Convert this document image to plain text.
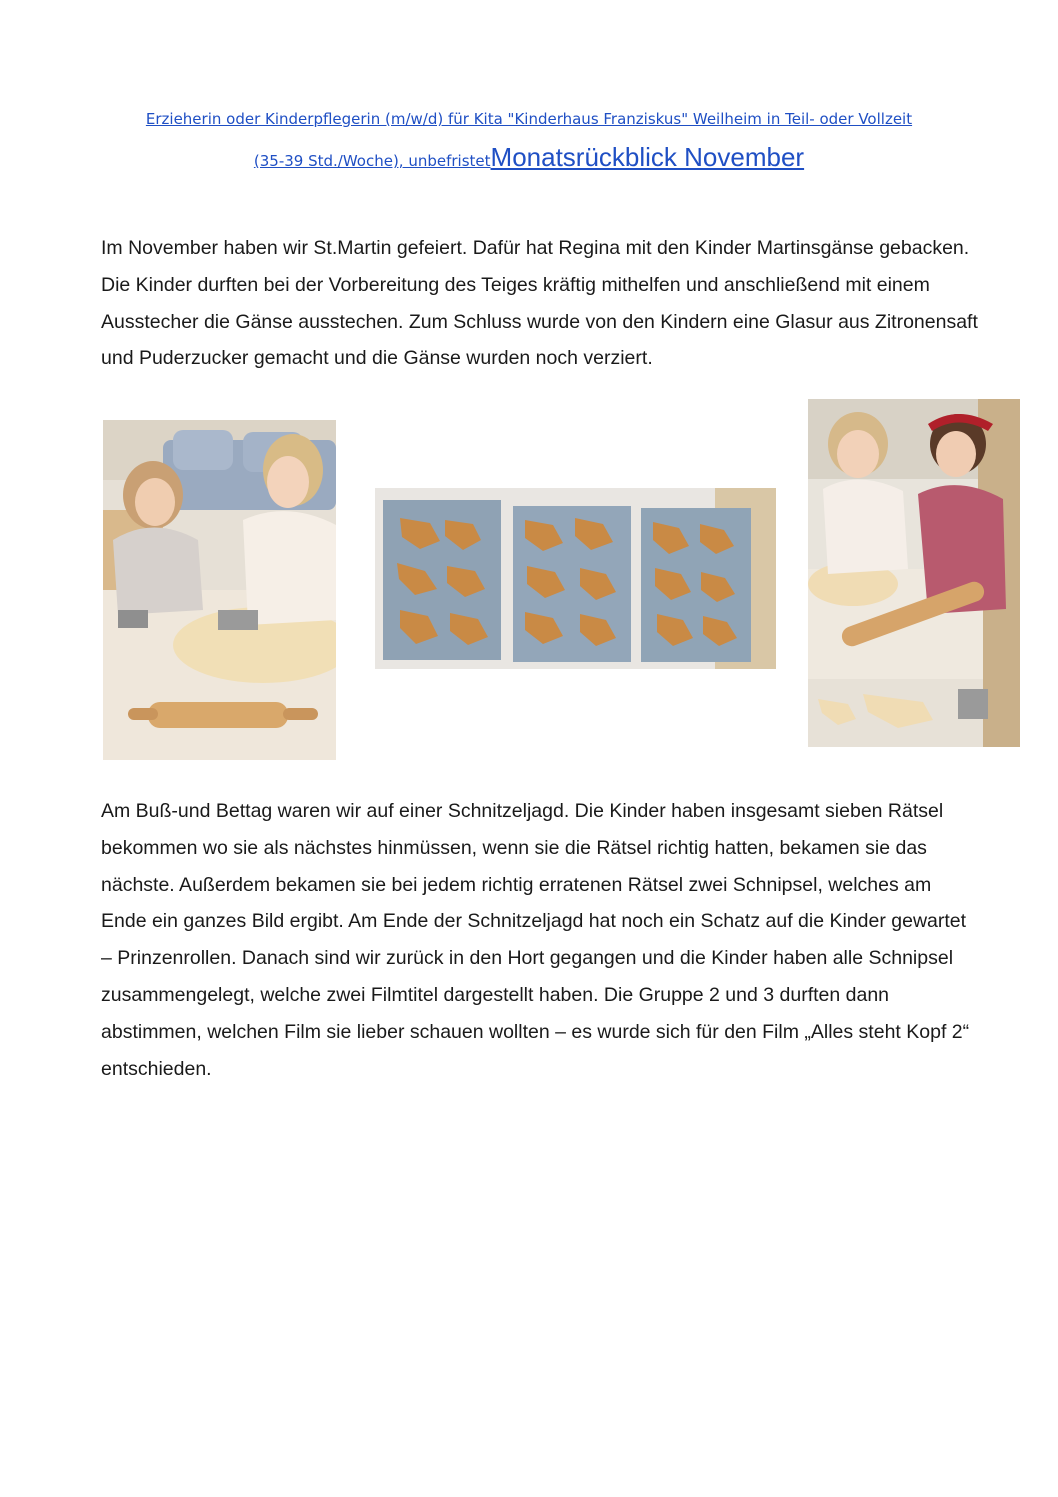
Erzieherin oder Kinderpflegerin (m/w/d) für Kita "Kinderhaus Franziskus" Weilheim in Teil- oder Vollzeit
(35-39 Std./Woche), unbefristetMonatsrückblick November

Im November haben wir St.Martin gefeiert. Dafür hat Regina mit den Kinder Martinsgänse gebacken. Die Kinder durften bei der Vorbereitung des Teiges kräftig mithelfen und anschließend mit einem Ausstecher die Gänse ausstechen. Zum Schluss wurde von den Kindern eine Glasur aus Zitronensaft und Puderzucker gemacht und die Gänse wurden noch verziert.

Am Buß-und Bettag waren wir auf einer Schnitzeljagd. Die Kinder haben insgesamt sieben Rätsel bekommen wo sie als nächstes hinmüssen, wenn sie die Rätsel richtig hatten, bekamen sie das nächste. Außerdem bekamen sie bei jedem richtig erratenen Rätsel zwei Schnipsel, welches am Ende ein ganzes Bild ergibt. Am Ende der Schnitzeljagd hat noch ein Schatz auf die Kinder gewartet – Prinzenrollen. Danach sind wir zurück in den Hort gegangen und die Kinder haben alle Schnipsel zusammengelegt, welche zwei Filmtitel dargestellt haben. Die Gruppe 2 und 3 durften dann abstimmen, welchen Film sie lieber schauen wollten – es wurde sich für den Film „Alles steht Kopf 2“ entschieden.
